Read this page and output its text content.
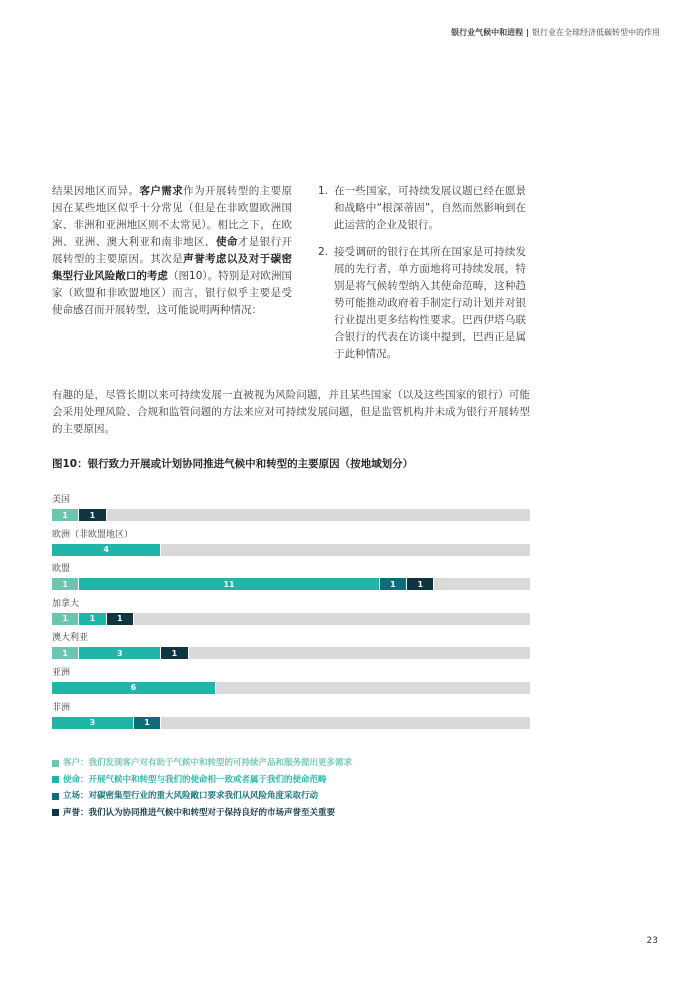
银行业气候中和进程 | 银行业在全球经济低碳转型中的作用
结果因地区而异。客户需求作为开展转型的主要原因在某些地区似乎十分常见（但是在非欧盟欧洲国家、非洲和亚洲地区则不太常见）。相比之下，在欧洲、亚洲、澳大利亚和南非地区，使命才是银行开展转型的主要原因。其次是声誉考虑以及对于碳密集型行业风险敞口的考虑（图10）。特别是对欧洲国家（欧盟和非欧盟地区）而言，银行似乎主要是受使命感召而开展转型，这可能说明两种情况：
1. 在一些国家，可持续发展议题已经在愿景和战略中“根深蒂固”，自然而然影响到在此运营的企业及银行。
2. 接受调研的银行在其所在国家是可持续发展的先行者，单方面地将可持续发展，特别是将气候转型纳入其使命范畴，这种趋势可能推动政府着手制定行动计划并对银行业提出更多结构性要求。巴西伊塔乌联合银行的代表在访谈中提到，巴西正是属于此种情况。
有趣的是，尽管长期以来可持续发展一直被视为风险问题，并且某些国家（以及这些国家的银行）可能会采用处理风险、合规和监管问题的方法来应对可持续发展问题，但是监管机构并未成为银行开展转型的主要原因。
图10：银行致力开展或计划协同推进气候中和转型的主要原因（按地域划分）
美国
1	1
欧洲（非欧盟地区）
4
欧盟
1	11	1	1
加拿大
1	1	1
澳大利亚
1	3	1
亚洲
6
非洲
3	1
客户：我们发现客户对有助于气候中和转型的可持续产品和服务提出更多需求
使命：开展气候中和转型与我们的使命相一致或者属于我们的使命范畴
立场：对碳密集型行业的重大风险敞口要求我们从风险角度采取行动
声誉：我们认为协同推进气候中和转型对于保持良好的市场声誉至关重要
23
